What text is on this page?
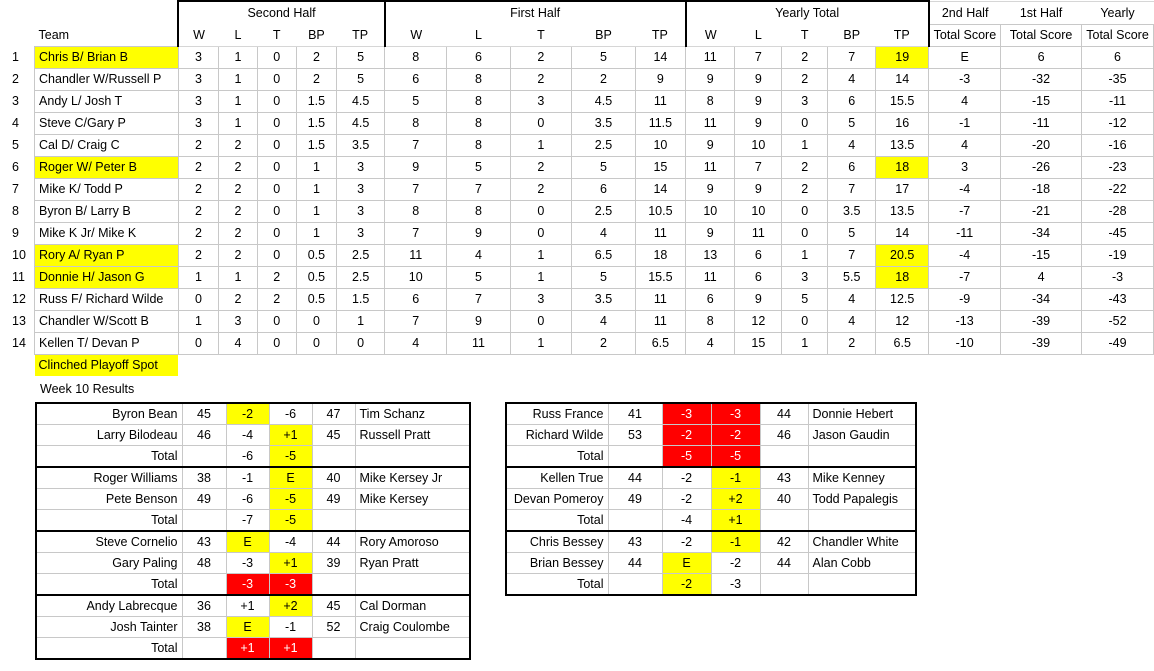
		Second Half					First Half					Yearly Total					2nd Half	1st Half	Yearly
	Team	W	L	T	BP	TP	W	L	T	BP	TP	W	L	T	BP	TP	Total Score	Total Score	Total Score
1	Chris B/ Brian B	3	1	0	2	5	8	6	2	5	14	11	7	2	7	19	E	6	6
2	Chandler W/Russell P	3	1	0	2	5	6	8	2	2	9	9	9	2	4	14	-3	-32	-35
3	Andy L/ Josh T	3	1	0	1.5	4.5	5	8	3	4.5	11	8	9	3	6	15.5	4	-15	-11
4	Steve C/Gary P	3	1	0	1.5	4.5	8	8	0	3.5	11.5	11	9	0	5	16	-1	-11	-12
5	Cal D/ Craig C	2	2	0	1.5	3.5	7	8	1	2.5	10	9	10	1	4	13.5	4	-20	-16
6	Roger W/ Peter B	2	2	0	1	3	9	5	2	5	15	11	7	2	6	18	3	-26	-23
7	Mike K/ Todd P	2	2	0	1	3	7	7	2	6	14	9	9	2	7	17	-4	-18	-22
8	Byron B/ Larry B	2	2	0	1	3	8	8	0	2.5	10.5	10	10	0	3.5	13.5	-7	-21	-28
9	Mike K Jr/ Mike K	2	2	0	1	3	7	9	0	4	11	9	11	0	5	14	-11	-34	-45
10	Rory A/ Ryan P	2	2	0	0.5	2.5	11	4	1	6.5	18	13	6	1	7	20.5	-4	-15	-19
11	Donnie H/ Jason G	1	1	2	0.5	2.5	10	5	1	5	15.5	11	6	3	5.5	18	-7	4	-3
12	Russ F/ Richard Wilde	0	2	2	0.5	1.5	6	7	3	3.5	11	6	9	5	4	12.5	-9	-34	-43
13	Chandler W/Scott B	1	3	0	0	1	7	9	0	4	11	8	12	0	4	12	-13	-39	-52
14	Kellen T/ Devan P	0	4	0	0	0	4	11	1	2	6.5	4	15	1	2	6.5	-10	-39	-49
	Clinched Playoff Spot																		
Week 10 Results
Byron Bean	45	-2	-6	47	Tim Schanz
Larry Bilodeau	46	-4	+1	45	Russell Pratt
Total		-6	-5		
Roger Williams	38	-1	E	40	Mike Kersey Jr
Pete Benson	49	-6	-5	49	Mike Kersey
Total		-7	-5		
Steve Cornelio	43	E	-4	44	Rory Amoroso
Gary Paling	48	-3	+1	39	Ryan Pratt
Total		-3	-3		
Andy Labrecque	36	+1	+2	45	Cal Dorman
Josh Tainter	38	E	-1	52	Craig Coulombe
Total		+1	+1		
Russ France	41	-3	-3	44	Donnie Hebert
Richard Wilde	53	-2	-2	46	Jason Gaudin
Total		-5	-5		
Kellen True	44	-2	-1	43	Mike Kenney
Devan Pomeroy	49	-2	+2	40	Todd Papalegis
Total		-4	+1		
Chris Bessey	43	-2	-1	42	Chandler White
Brian Bessey	44	E	-2	44	Alan Cobb
Total		-2	-3		
